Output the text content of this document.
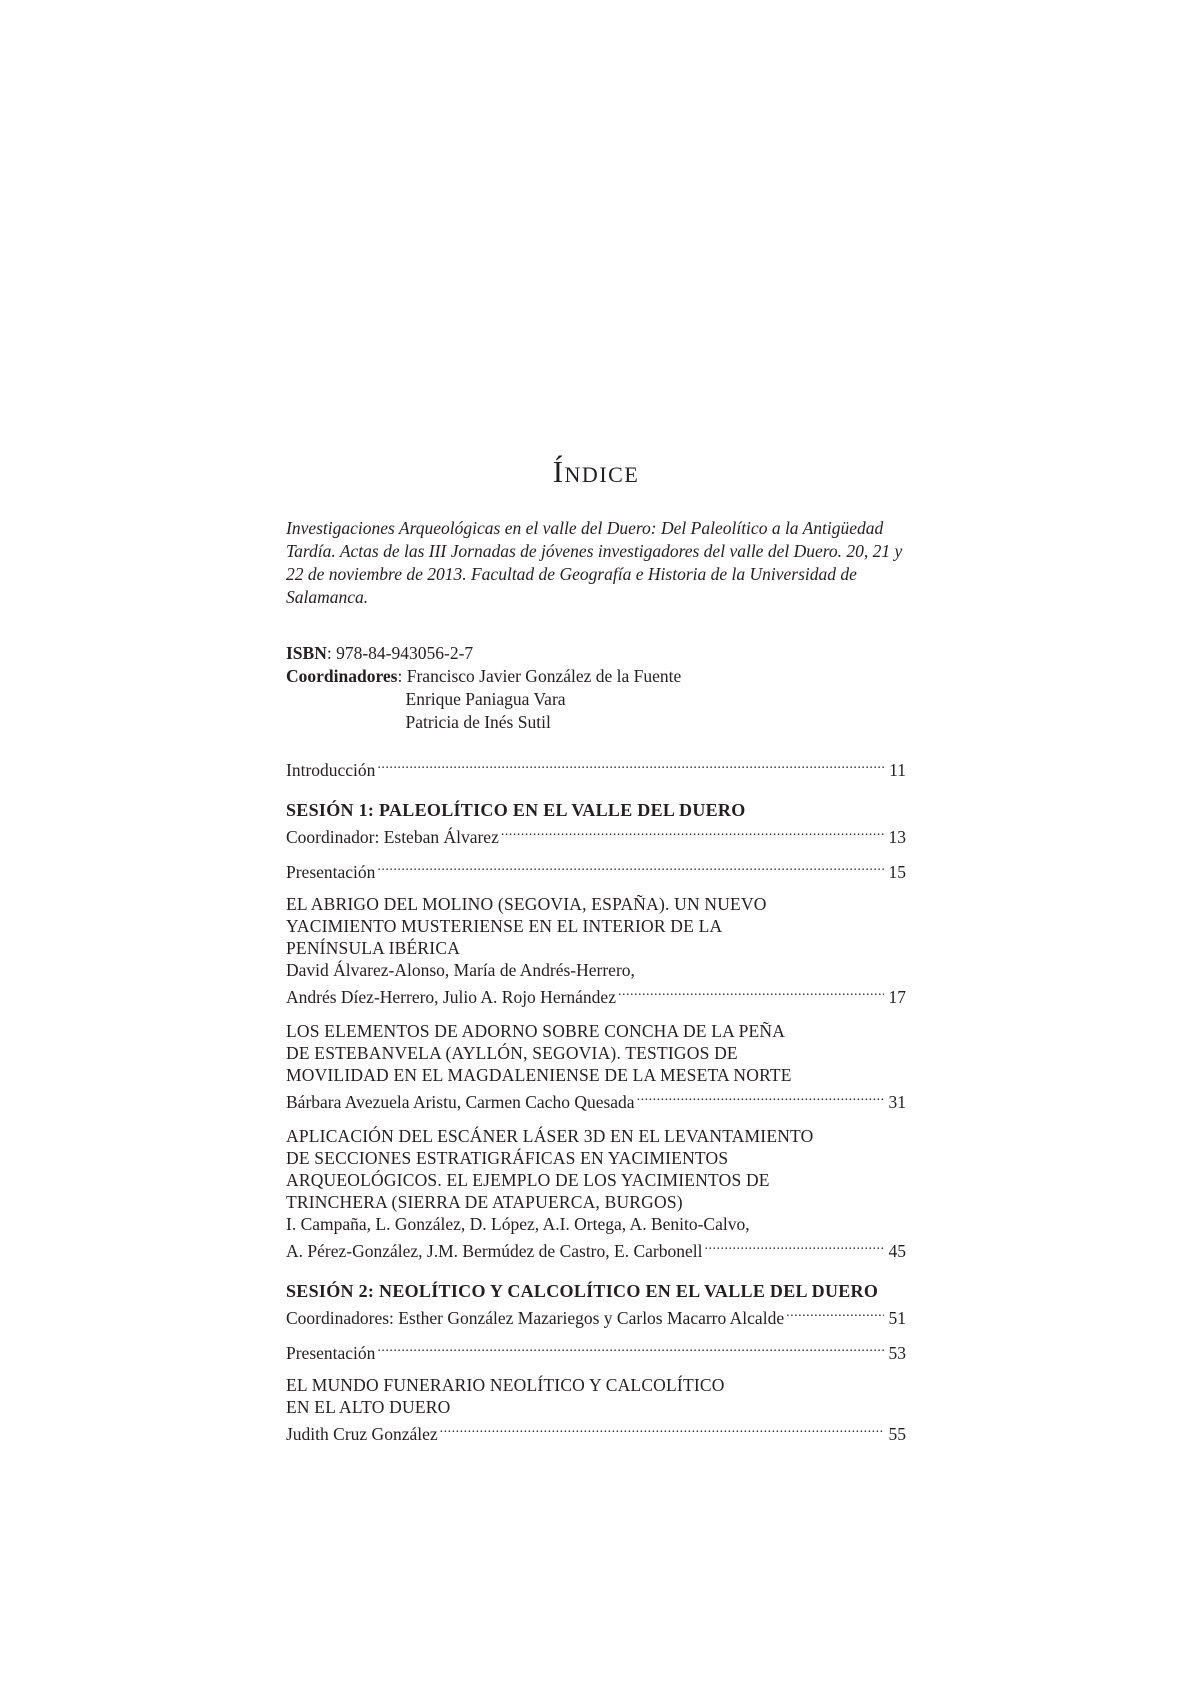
Índice
Investigaciones Arqueológicas en el valle del Duero: Del Paleolítico a la Antigüedad Tardía. Actas de las III Jornadas de jóvenes investigadores del valle del Duero. 20, 21 y 22 de noviembre de 2013. Facultad de Geografía e Historia de la Universidad de Salamanca.
ISBN: 978-84-943056-2-7
Coordinadores : Francisco Javier González de la Fuente
Enrique Paniagua Vara
Patricia de Inés Sutil
Introducción .....	11
SESIÓN 1: PALEOLÍTICO EN EL VALLE DEL DUERO
Coordinador: Esteban Álvarez .....	13
Presentación .....	15
EL ABRIGO DEL MOLINO (SEGOVIA, ESPAÑA). UN NUEVO
YACIMIENTO MUSTERIENSE EN EL INTERIOR DE LA
PENÍNSULA IBÉRICA
David Álvarez-Alonso, María de Andrés-Herrero,
Andrés Díez-Herrero, Julio A. Rojo Hernández .....	17
LOS ELEMENTOS DE ADORNO SOBRE CONCHA DE LA PEÑA
DE ESTEBANVELA (AYLLÓN, SEGOVIA). TESTIGOS DE
MOVILIDAD EN EL MAGDALENIENSE DE LA MESETA NORTE
Bárbara Avezuela Aristu, Carmen Cacho Quesada .....	31
APLICACIÓN DEL ESCÁNER LÁSER 3D EN EL LEVANTAMIENTO
DE SECCIONES ESTRATIGRÁFICAS EN YACIMIENTOS
ARQUEOLÓGICOS. EL EJEMPLO DE LOS YACIMIENTOS DE
TRINCHERA (SIERRA DE ATAPUERCA, BURGOS)
I. Campaña, L. González, D. López, A.I. Ortega, A. Benito-Calvo,
A. Pérez-González, J.M. Bermúdez de Castro, E. Carbonell .....	45
SESIÓN 2: NEOLÍTICO Y CALCOLÍTICO EN EL VALLE DEL DUERO
Coordinadores: Esther González Mazariegos y Carlos Macarro Alcalde .....	51
Presentación .....	53
EL MUNDO FUNERARIO NEOLÍTICO Y CALCOLÍTICO
EN EL ALTO DUERO
Judith Cruz González .....	55
